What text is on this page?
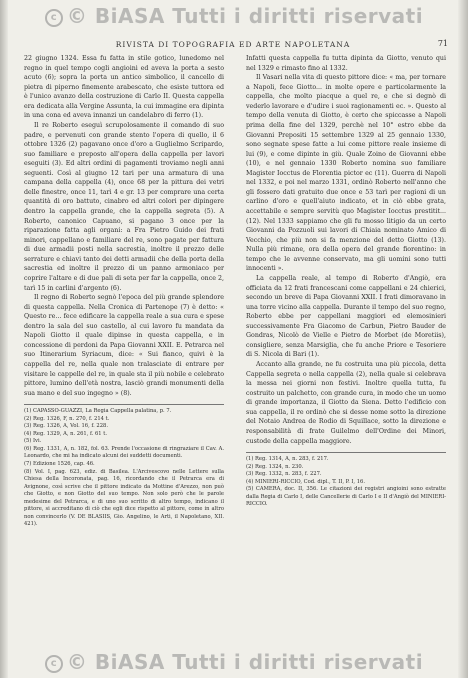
c © BiASA Tutti i diritti riservati
RIVISTA DI TOPOGRAFIA ED ARTE NAPOLETANA	71

22 giugno 1324. Essa fu fatta in stile gotico, lunedomo nel regno in quel tempo cogli angioini ed aveva la porta a sesto acuto (6); sopra la porta un antico simbolico, il cancello di pietra di piperno finemente arabescato, che esiste tuttora ed è l'unico avanzo della costruzione di Carlo II. Questa cappella era dedicata alla Vergine Assunta, la cui immagine era dipinta in una cona ed aveva innanzi un candelabro di ferro (1).

Il re Roberto eseguì scrupolosamente il comando di suo padre, e pervenuti con grande stento l'opera di quello, il 6 ottobre 1326 (2) pagavano once d'oro a Guglielmo Scripardo, suo familiare e preposto all'opera della cappella per lavori eseguiti (3). Ed altri ordini di pagamenti troviamo negli anni seguenti. Così al giugno 12 tari per una armatura di una campana della cappella (4), once 68 per la pittura dei vetri delle finestre, once 11, tarì 4 e gr. 13 per comprare una certa quantità di oro battuto, cinabro ed altri colori per dipingere dentro la cappella grande, che la cappella segreta (5). A Roberto, canonico Capuano, si pagano 3 once per la riparazione fatta agli organi: a Fra Pietro Guido dei frati minori, cappellano e familiare del re, sono pagate per fattura di due armadii posti nella sacrestia, inoltre il prezzo delle serrature e chiavi tanto dei detti armadii che della porta della sacrestia ed inoltre il prezzo di un panno armoniaco per coprire l'altare e di due pali di seta per far la cappella, once 2, tarì 15 in carlini d'argento (6).

Il regno di Roberto segnò l'epoca del più grande splendore di questa cappella. Nella Cronica di Partenope (7) è detto: « Questo re... fece edificare la cappella reale a sua cura e spese dentro la sala del suo castello, al cui lavoro fu mandata da Napoli Giotto il quale dipinse in questa cappella, e in concessione di perdoni da Papa Giovanni XXII. E. Petrarca nel suo Itinerarium Syriacum, dice: « Sui fianco, quivi è la cappella del re, nella quale non tralasciate di entrare per visitare le cappelle del re, in quale sta il più nobile e celebrato pittore, lumino dell'età nostra, lasciò grandi monumenti della sua mano e del suo ingegno » (8).

(1) CAPASSO-GUAZZI, La Regia Cappella palatina, p. 7.
(2) Reg. 1326, F, n. 270, f. 214 t.
(3) Reg. 1326, A, Vol. 16, f. 228.
(4) Reg. 1329, A, n. 261, f. 61 t.
(5) Ivi.
(6) Reg. 1331, A, n. 182, fol. 63. Prende l'occasione di ringraziare il Cav. A. Leonardo, che mi ha indicato alcuni dei suddetti documenti.
(7) Edizione 1526, cap. 46.
(8) Vol. I, pag. 623, ediz. di Basilea. L'Arcivescovo nelle Lettere sulla Chiesa della Incoronata, pag. 16, ricordando che il Petrarca era di Avignone, così scrive che il pittore indicato da Mottine d'Arezzo, non può che Giotto, e non Giotto del suo tempo. Non solo però che le parole medesime del Petrarca, e di uno suo scritto di altro tempo, indicano il pittore, si accreditano di ciò che egli dice rispetto al pittore, come in altro non convincerlo (V. DE BLASIIS, Gio. Angelino, le Arti, il Napoletano, XII. 421).

Infatti questa cappella fu tutta dipinta da Giotto, venuto qui nel 1329 e rimasto fino al 1332.

Il Vasari nella vita di questo pittore dice: « ma, per tornare a Napoli, fece Giotto... in molte opere e particolarmente la cappella, che molto piacque a quel re, e che si degnò di vederlo lavorare e d'udire i suoi ragionamenti ec. ». Questo al tempo della venuta di Giotto, è certo che spiccasse a Napoli prima della fine del 1329, perchè nel 10° estro ebbe da Giovanni Prepositi 15 settembre 1329 al 25 gennaio 1330, sono segnate spese fatte a lui come pittore reale insieme di lui (9), e come dipinte in giù. Quale Zoino de Giovanni ebbe (10), e nel gennaio 1330 Roberto nomina suo familiare Magister Iocctus de Florentia pictor ec (11). Guerra di Napoli nel 1332, e poi nel marzo 1331, ordinò Roberto nell'anno che gli fossero dati gratuito due once e 53 tarì per ragioni di un carlino d'oro e quell'aiuto indicato, et in ciò ebbe grata, accettabile e sempre servitù quo Magister Iocctus prestitit... (12). Nel 1333 sappiamo che gli fu mosso litigio da un certo Giovanni da Pozzuoli sui lavori di Chiaia nominato Amico di Vecchio, che più non si fa menzione del detto Giotto (13). Nulla più rimane, ora della opera del grande fiorentino: in tempo che le avvenne conservato, ma gli uomini sono tutti innocenti ».

La cappella reale, al tempo di Roberto d'Angiò, era officiata da 12 frati francescani come cappellani e 24 chierici, secondo un breve di Papa Giovanni XXII. I frati dimoravano in una torre vicino alla cappella. Durante il tempo del suo regno, Roberto ebbe per cappellani maggiori ed elemosinieri successivamente Fra Giacomo de Carbun, Pietro Bauder de Gondras, Nicolò de Vielle e Pietro de Morbet (de Moretiis), consigliere, senza Marsiglia, che fu anche Priore e Tesoriere di S. Nicola di Bari (1).

Accanto alla grande, ne fu costruita una più piccola, detta Cappella segreta o nella cappella (2), nella quale si celebrava la messa nei giorni non festivi. Inoltre quella tutta, fu costruito un palchetto, con grande cura, in modo che un uomo di grande importanza, il Giotto da Siena. Detto l'edificio con sua cappella, il re ordinò che si desse nome sotto la direzione del Notaio Andrea de Rodio di Squillace, sotto la direzione e responsabilità di frate Guilelmo dell'Ordine dei Minori, custode della cappella maggiore.

(1) Reg. 1314, A, n. 283, f. 217.
(2) Reg. 1324, n. 230.
(3) Reg. 1332, n. 283, f. 227.
(4) MINIERI-RICCIO, Cod. dipl., T. II, P. I, 16.
(5) CAMERA, doc. II, 356. Le citazioni dei registri angioini sono estratte dalla Regia di Carlo I, delle Cancellerie di Carlo I e II d'Angiò del MINIERI-RICCIO.
c © BiASA Tutti i diritti riservati
